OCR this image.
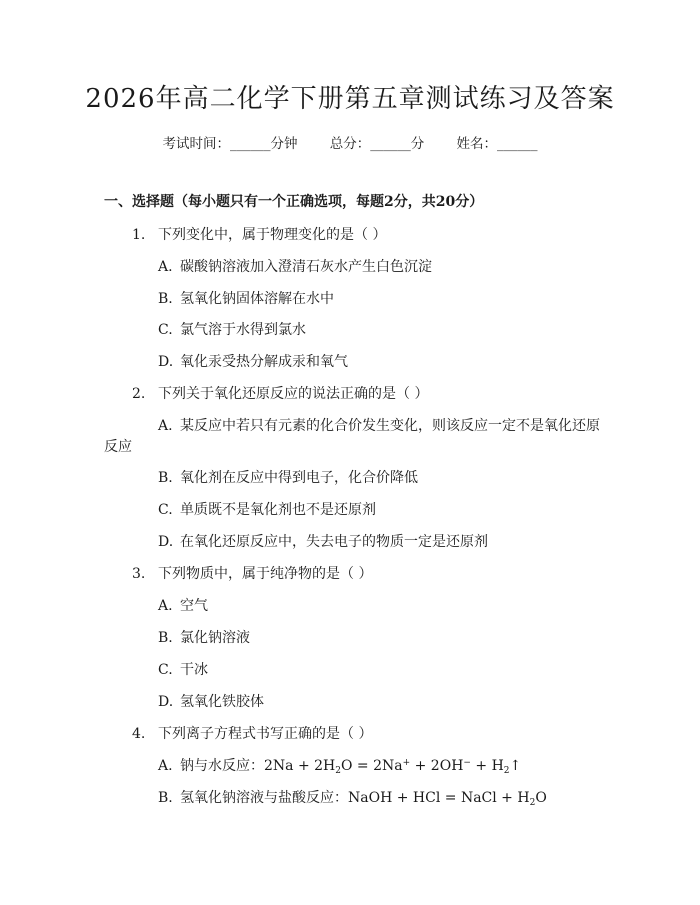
2026年高二化学下册第五章测试练习及答案
考试时间：______分钟 总分：______分 姓名：______
一、选择题（每小题只有一个正确选项，每题2分，共20分）
1. 下列变化中，属于物理变化的是（ ）
A. 碳酸钠溶液加入澄清石灰水产生白色沉淀
B. 氢氧化钠固体溶解在水中
C. 氯气溶于水得到氯水
D. 氧化汞受热分解成汞和氧气
2. 下列关于氧化还原反应的说法正确的是（ ）
A. 某反应中若只有元素的化合价发生变化，则该反应一定不是氧化还原
反应
B. 氧化剂在反应中得到电子，化合价降低
C. 单质既不是氧化剂也不是还原剂
D. 在氧化还原反应中，失去电子的物质一定是还原剂
3. 下列物质中，属于纯净物的是（ ）
A. 空气
B. 氯化钠溶液
C. 干冰
D. 氢氧化铁胶体
4. 下列离子方程式书写正确的是（ ）
A. 钠与水反应：$2Na + 2H_2O = 2Na^+ + 2OH^-$ + $H_2↑$
B. 氢氧化钠溶液与盐酸反应：NaOH + HCl = NaCl + $H_2O$
